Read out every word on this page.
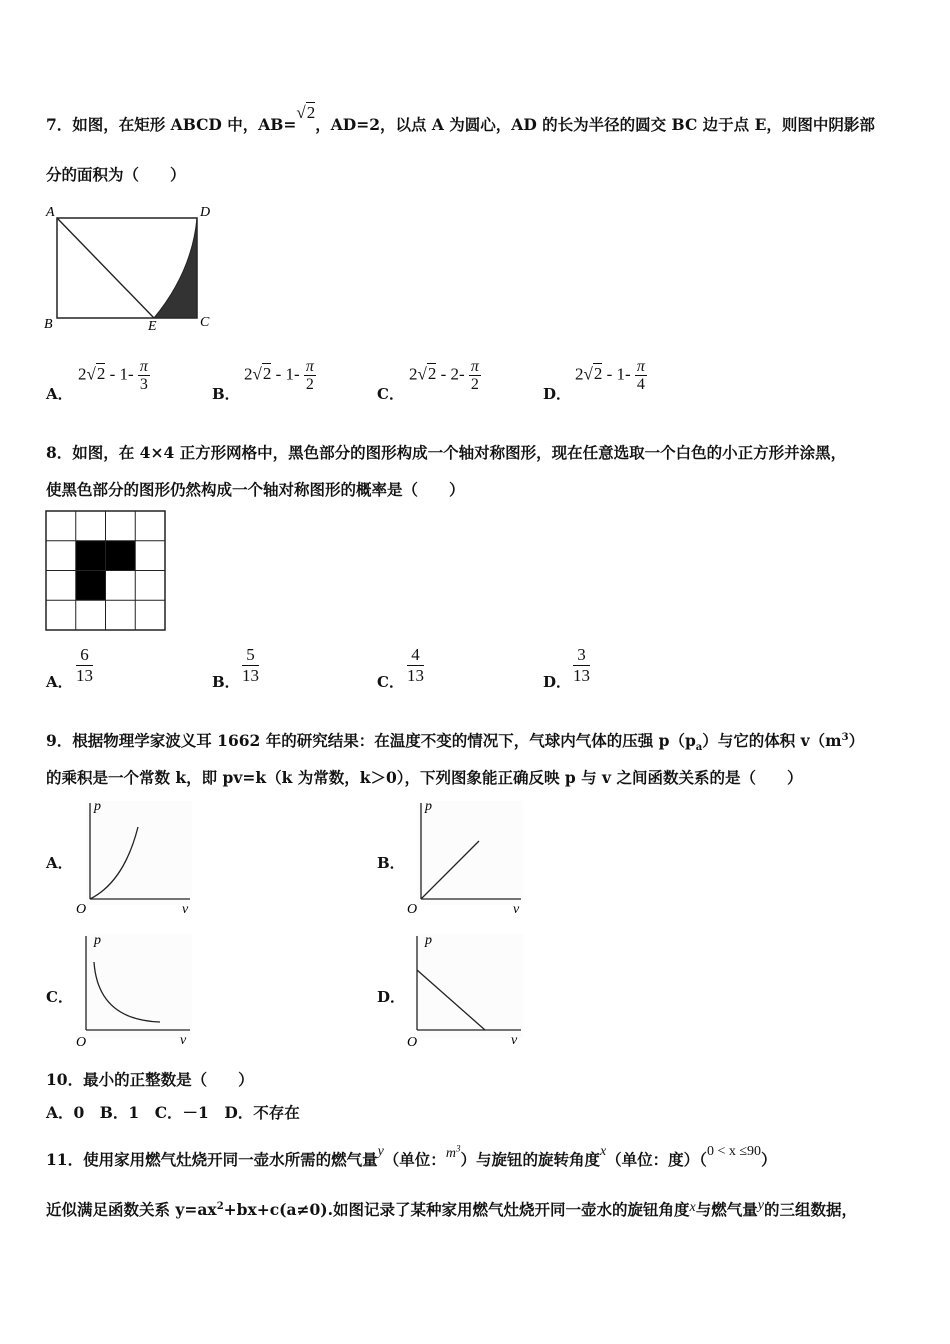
7．如图，在矩形 ABCD 中，AB=√2，AD=2，以点 A 为圆心，AD 的长为半径的圆交 BC 边于点 E，则图中阴影部
分的面积为（　　）
A	D
B	E	C
A．
$2√2 - 1- \frac{\pi}{3}$
B．
$2√2 - 1- \frac{\pi}{2}$
C．
$2√2 - 2- \frac{\pi}{2}$
D．
$2√2 - 1- \frac{\pi}{4}$
8．如图，在 4×4 正方形网格中，黑色部分的图形构成一个轴对称图形，现在任意选取一个白色的小正方形并涂黑，
使黑色部分的图形仍然构成一个轴对称图形的概率是（　　）
A． $\frac{6}{13}$	B． $\frac{5}{13}$	C． $\frac{4}{13}$	D． $\frac{3}{13}$
9．根据物理学家波义耳 1662 年的研究结果：在温度不变的情况下，气球内气体的压强 $p(p_a)$与它的体积 $v(m^3)$
的乘积是一个常数 k，即 pv=k（k 为常数，k＞0），下列图象能正确反映 p 与 v 之间函数关系的是（　　）
A．
p
v
O
B．
p
v
O
C．
p
v
O
D．
p
v
O
10．最小的正整数是（　　）
A．0　B．1　C．－1　D．不存在
11．使用家用燃气灶烧开同一壶水所需的燃气量y（单位：$m^3$）与旋钮的旋转角度x（单位：度）（0 < x ≤90）
近似满足函数关系 $y=ax^2+bx+c(a\ne 0)$.如图记录了某种家用燃气灶烧开同一壶水的旋钮角度x与燃气量y的三组数据，
